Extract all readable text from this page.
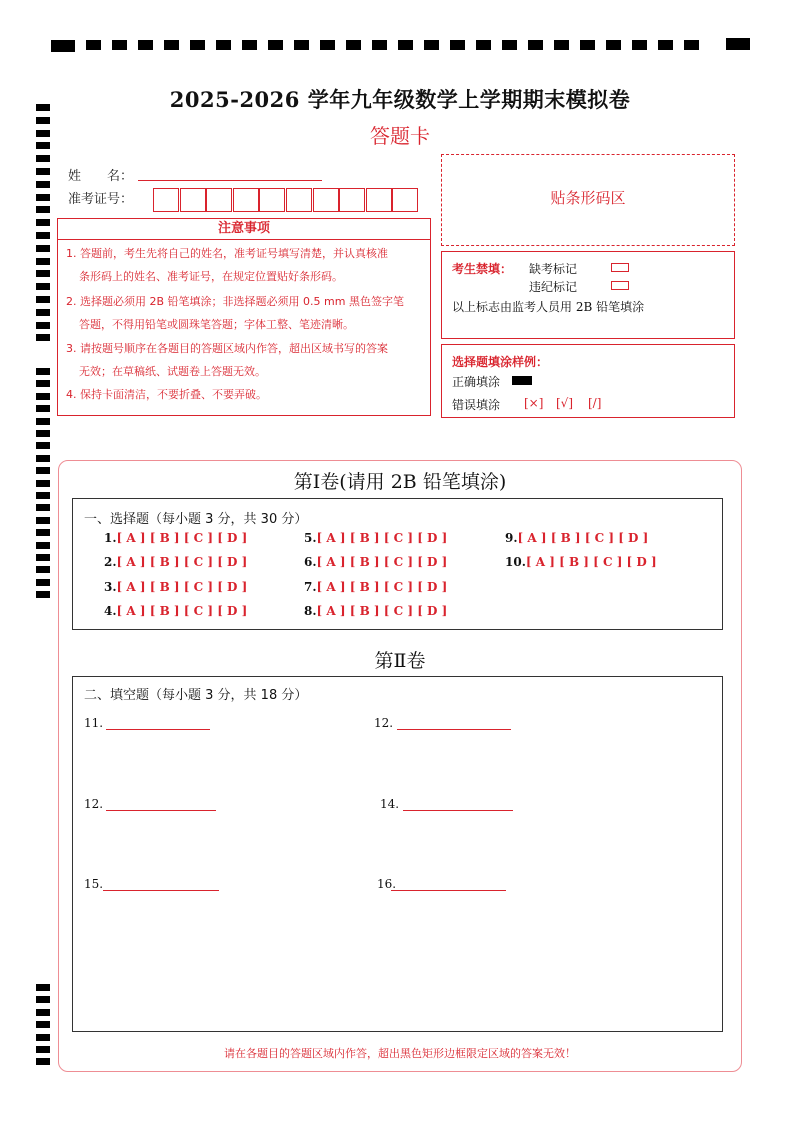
2025-2026 学年九年级数学上学期期末模拟卷
答题卡
姓　　名：
准考证号：	贴条形码区
注意事项
1. 答题前，考生先将自己的姓名，准考证号填写清楚，并认真核准
条形码上的姓名、准考证号，在规定位置贴好条形码。
2. 选择题必须用 2B 铅笔填涂；非选择题必须用 0.5 mm 黑色签字笔
答题，不得用铅笔或圆珠笔答题；字体工整、笔迹清晰。
3. 请按题号顺序在各题目的答题区域内作答，超出区域书写的答案
无效；在草稿纸、试题卷上答题无效。
4. 保持卡面清洁，不要折叠、不要弄破。
考生禁填： 缺考标记
违纪标记
以上标志由监考人员用 2B 铅笔填涂
选择题填涂样例：
正确填涂
错误填涂 [×] [√] [/]
第Ⅰ卷(请用 2B 铅笔填涂)
一、选择题（每小题 3 分，共 30 分）
1.[ A ] [ B ] [ C ] [ D ]
2.[ A ] [ B ] [ C ] [ D ]
3.[ A ] [ B ] [ C ] [ D ]
4.[ A ] [ B ] [ C ] [ D ]
5.[ A ] [ B ] [ C ] [ D ]
6.[ A ] [ B ] [ C ] [ D ]
7.[ A ] [ B ] [ C ] [ D ]
8.[ A ] [ B ] [ C ] [ D ]
9.[ A ] [ B ] [ C ] [ D ]
10.[ A ] [ B ] [ C ] [ D ]
第Ⅱ卷
二、填空题（每小题 3 分，共 18 分）
11.	12.
12.	14.
15.	16.
请在各题目的答题区域内作答，超出黑色矩形边框限定区域的答案无效！
